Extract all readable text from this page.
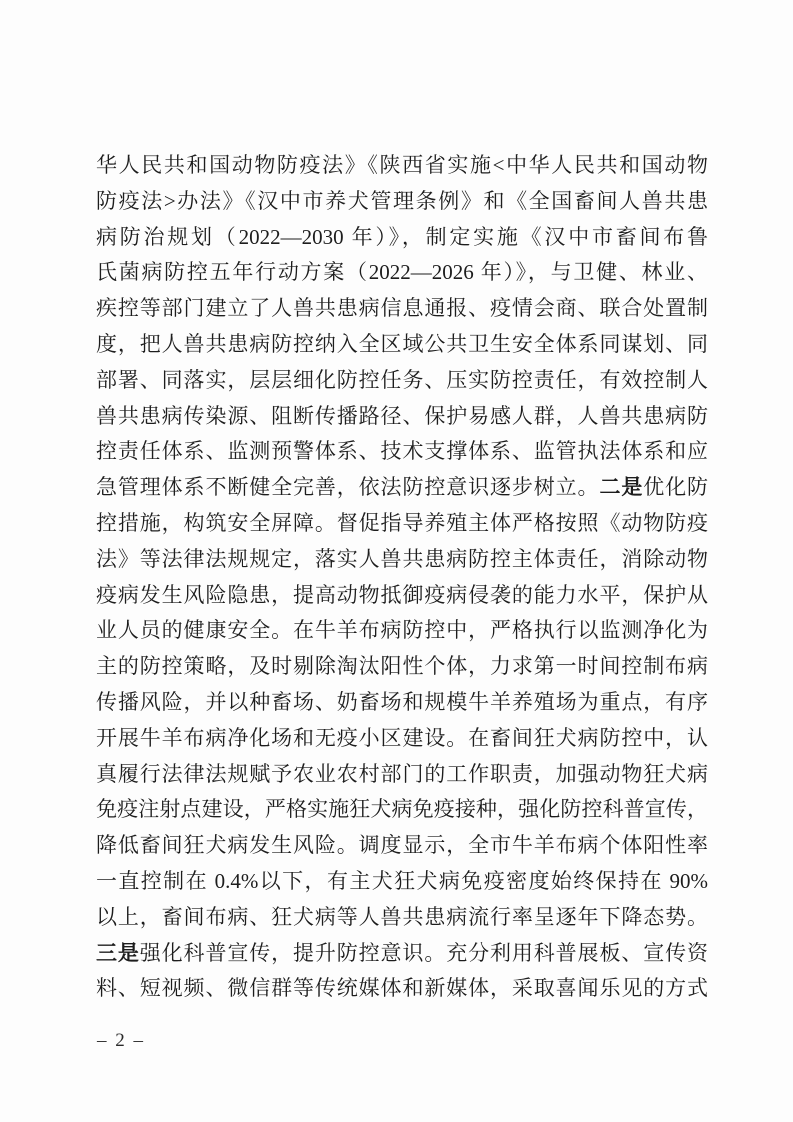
华人民共和国动物防疫法》《陕西省实施<中华人民共和国动物

防疫法>办法》《汉中市养犬管理条例》和《全国畜间人兽共患

病防治规划（2022—2030 年）》，制定实施《汉中市畜间布鲁

氏菌病防控五年行动方案（2022—2026 年）》，与卫健、林业、

疾控等部门建立了人兽共患病信息通报、疫情会商、联合处置制

度，把人兽共患病防控纳入全区域公共卫生安全体系同谋划、同

部署、同落实，层层细化防控任务、压实防控责任，有效控制人

兽共患病传染源、阻断传播路径、保护易感人群，人兽共患病防

控责任体系、监测预警体系、技术支撑体系、监管执法体系和应

急管理体系不断健全完善，依法防控意识逐步树立。二是优化防

控措施，构筑安全屏障。督促指导养殖主体严格按照《动物防疫

法》等法律法规规定，落实人兽共患病防控主体责任，消除动物

疫病发生风险隐患，提高动物抵御疫病侵袭的能力水平，保护从

业人员的健康安全。在牛羊布病防控中，严格执行以监测净化为

主的防控策略，及时剔除淘汰阳性个体，力求第一时间控制布病

传播风险，并以种畜场、奶畜场和规模牛羊养殖场为重点，有序

开展牛羊布病净化场和无疫小区建设。在畜间狂犬病防控中，认

真履行法律法规赋予农业农村部门的工作职责，加强动物狂犬病

免疫注射点建设，严格实施狂犬病免疫接种，强化防控科普宣传，

降低畜间狂犬病发生风险。调度显示，全市牛羊布病个体阳性率

一直控制在 0.4%以下，有主犬狂犬病免疫密度始终保持在 90%

以上，畜间布病、狂犬病等人兽共患病流行率呈逐年下降态势。

三是强化科普宣传，提升防控意识。充分利用科普展板、宣传资

料、短视频、微信群等传统媒体和新媒体，采取喜闻乐见的方式

– 2 –
